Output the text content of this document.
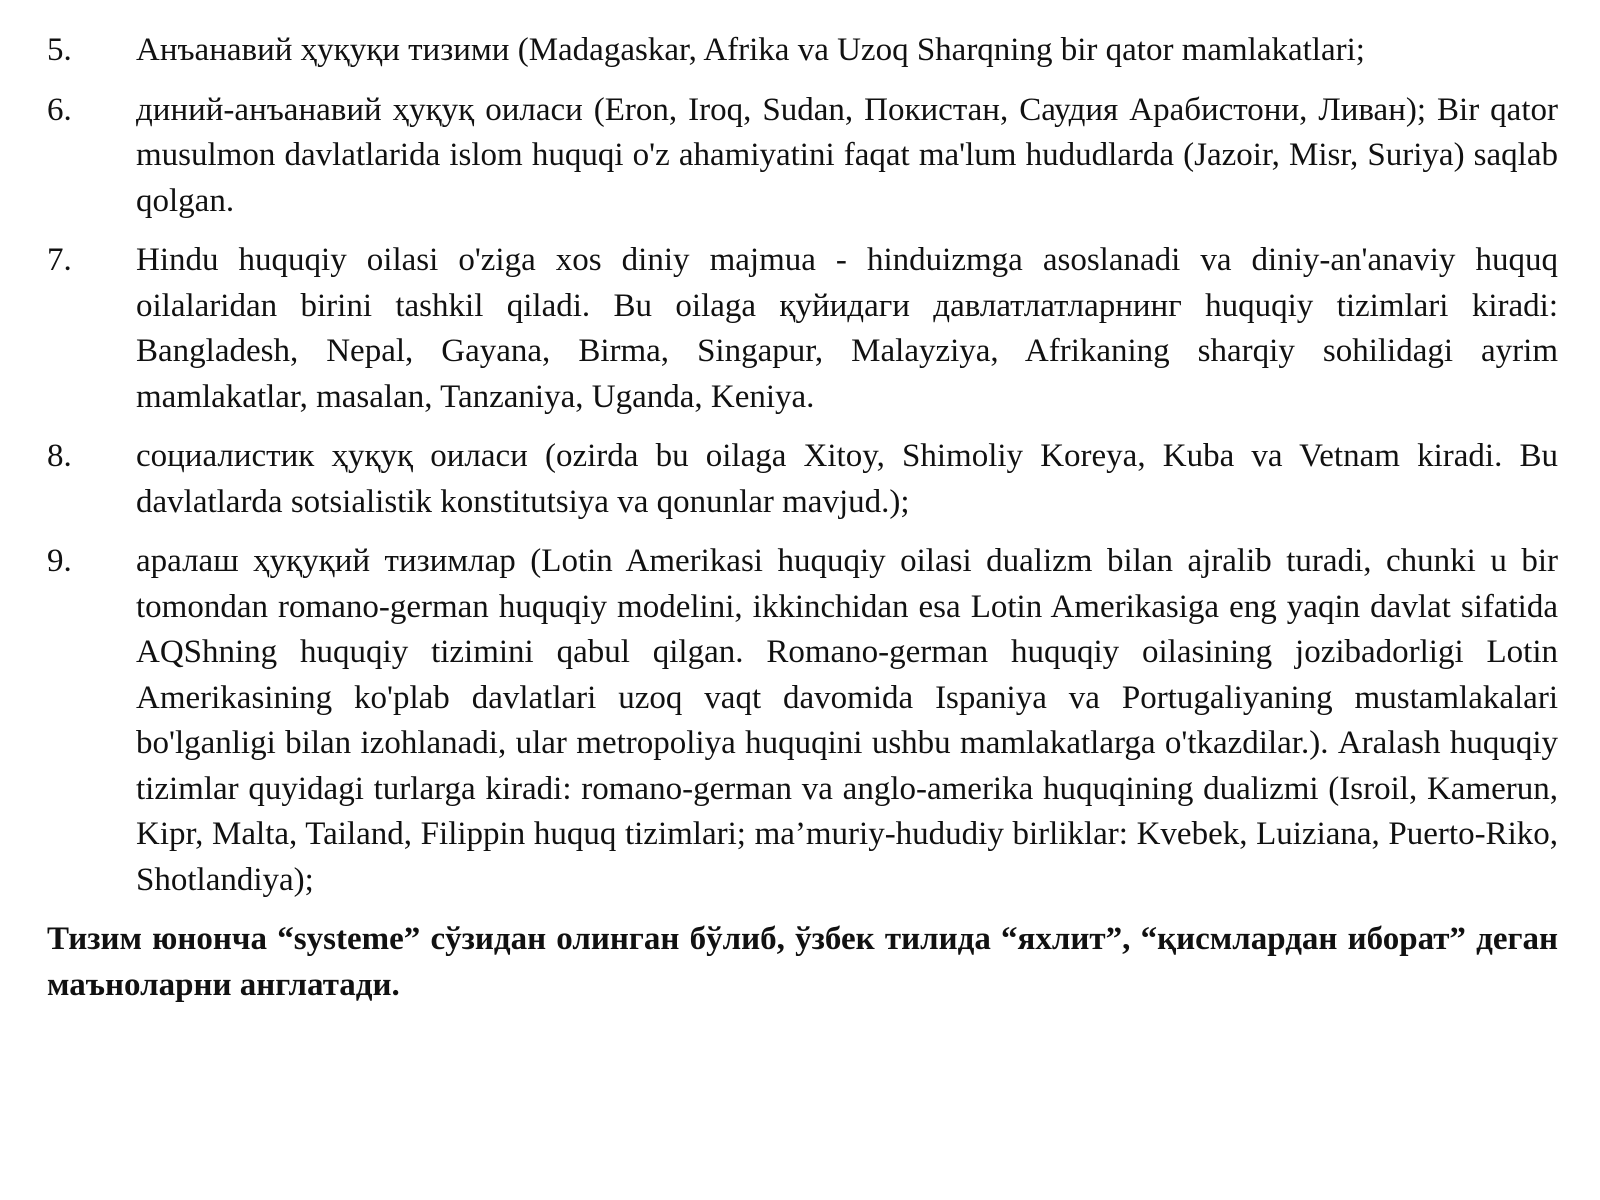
5.	Анъанавий ҳуқуқи тизими (Madagaskar, Afrika va Uzoq Sharqning bir qator mamlakatlari;
6.	диний-анъанавий ҳуқуқ оиласи (Eron, Iroq, Sudan, Покистан, Саудия Арабистони, Ливан); Bir qator musulmon davlatlarida islom huquqi o'z ahamiyatini faqat ma'lum hududlarda (Jazoir, Misr, Suriya) saqlab qolgan.
7.	Hindu huquqiy oilasi o'ziga xos diniy majmua - hinduizmga asoslanadi va diniy-an'anaviy huquq oilalaridan birini tashkil qiladi. Bu oilaga қуйидаги давлатлатларнинг huquqiy tizimlari kiradi: Bangladesh, Nepal, Gayana, Birma, Singapur, Malayziya, Afrikaning sharqiy sohilidagi ayrim mamlakatlar, masalan, Tanzaniya, Uganda, Keniya.
8.	социалистик ҳуқуқ оиласи (ozirda bu oilaga Xitoy, Shimoliy Koreya, Kuba va Vetnam kiradi. Bu davlatlarda sotsialistik konstitutsiya va qonunlar mavjud.);
9.	аралаш ҳуқуқий тизимлар (Lotin Amerikasi huquqiy oilasi dualizm bilan ajralib turadi, chunki u bir tomondan romano-german huquqiy modelini, ikkinchidan esa Lotin Amerikasiga eng yaqin davlat sifatida AQShning huquqiy tizimini qabul qilgan. Romano-german huquqiy oilasining jozibadorligi Lotin Amerikasining ko'plab davlatlari uzoq vaqt davomida Ispaniya va Portugaliyaning mustamlakalari bo'lganligi bilan izohlanadi, ular metropoliya huquqini ushbu mamlakatlarga o'tkazdilar.). Aralash huquqiy tizimlar quyidagi turlarga kiradi: romano-german va anglo-amerika huquqining dualizmi (Isroil, Kamerun, Kipr, Malta, Tailand, Filippin huquq tizimlari; ma’muriy-hududiy birliklar: Kvebek, Luiziana, Puerto-Riko, Shotlandiya);

Тизим юнонча “systeme” сўзидан олинган бўлиб, ўзбек тилида “яхлит”, “қисмлардан иборат” деган маъноларни англатади.
